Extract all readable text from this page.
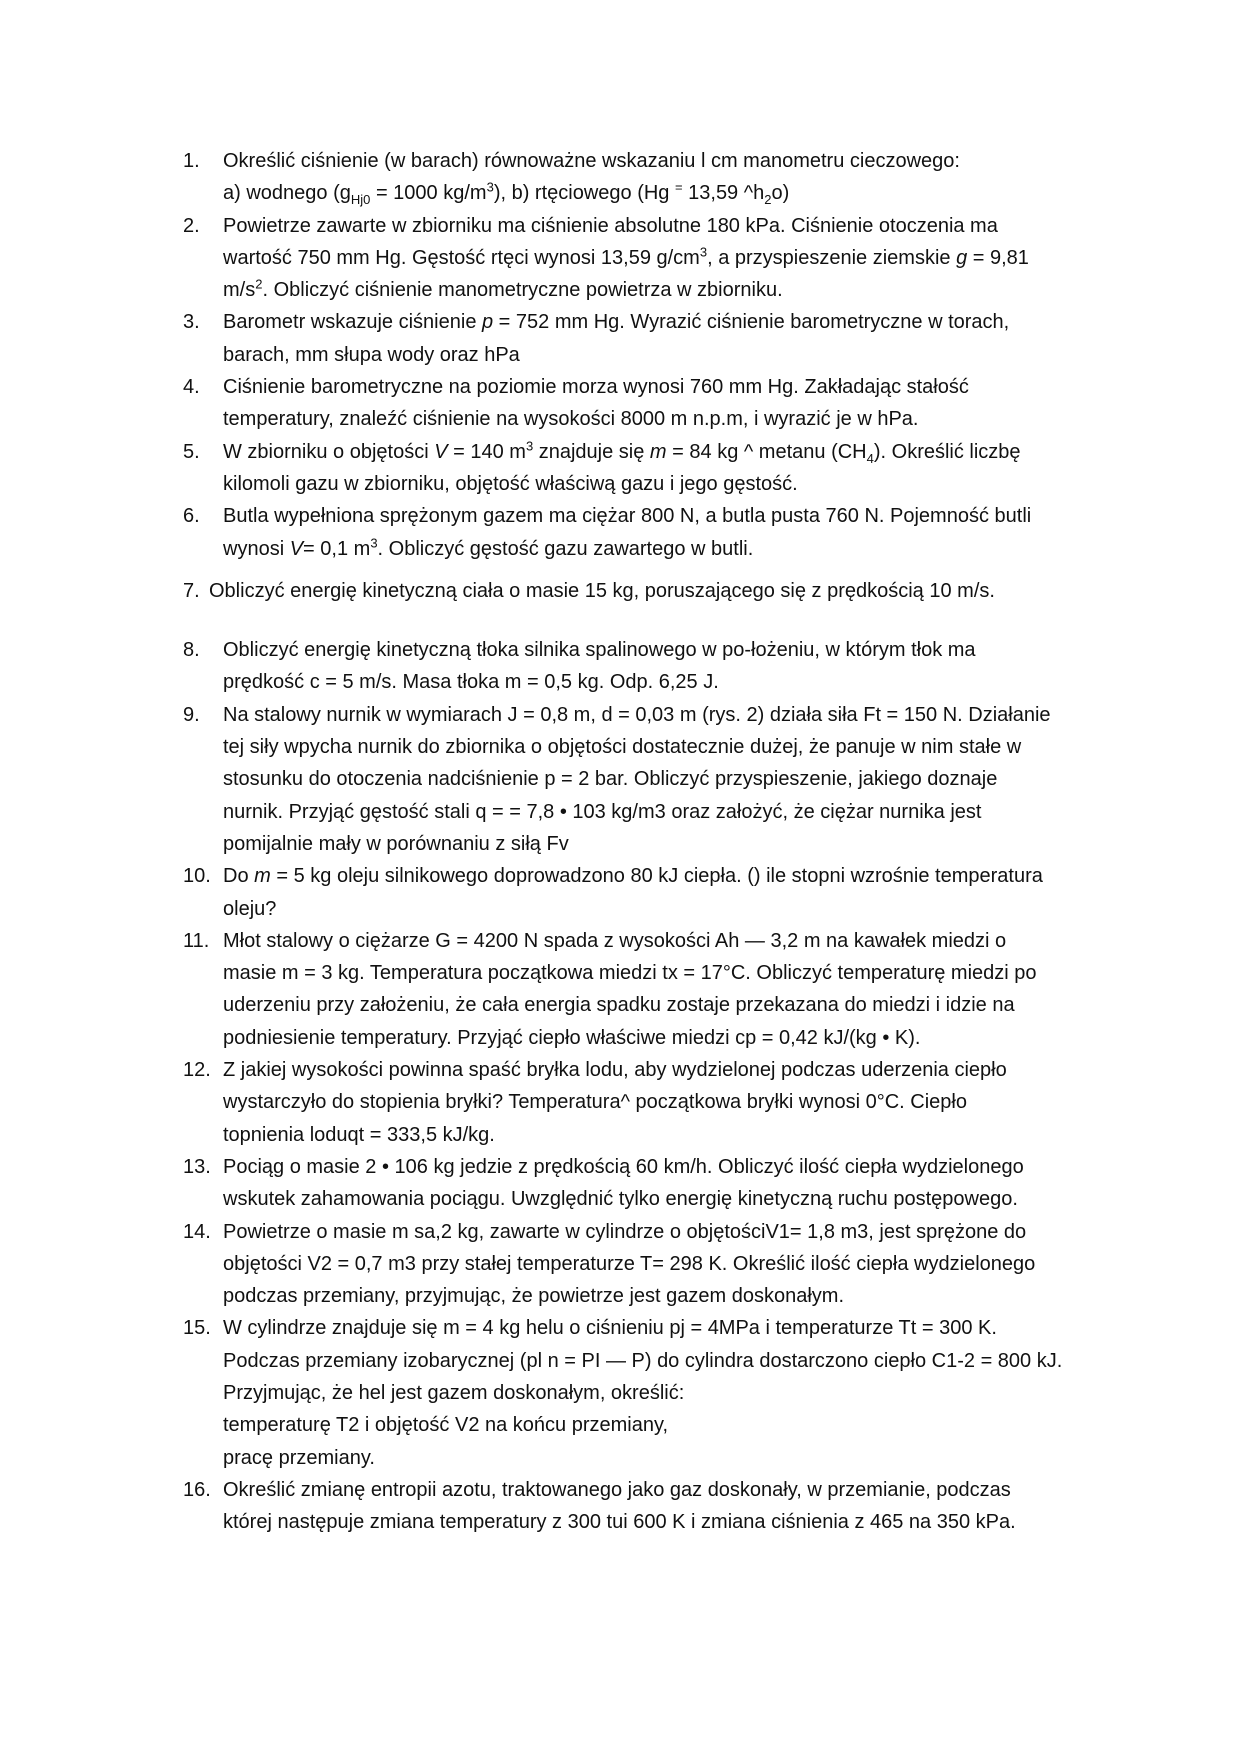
1.	Określić ciśnienie (w barach) równoważne wskazaniu l cm manometru cieczowego:
a) wodnego ($g_{Hj0} = 1000$ $kg/m^3$), b) rtęciowego (Hg = 13,59 $\^{}h_2o$)
2.	Powietrze zawarte w zbiorniku ma ciśnienie absolutne 180 kPa. Ciśnienie otoczenia ma
wartość 750 mm Hg. Gęstość rtęci wynosi 13,59 $g/cm^3$, a przyspieszenie ziemskie g = 9,81
$m/s^2$. Obliczyć ciśnienie manometryczne powietrza w zbiorniku.
3.	Barometr wskazuje ciśnienie p = 752 mm Hg. Wyrazić ciśnienie barometryczne w torach,
barach, mm słupa wody oraz hPa
4.	Ciśnienie barometryczne na poziomie morza wynosi 760 mm Hg. Zakładając stałość
temperatury, znaleźć ciśnienie na wysokości 8000 m n.p.m, i wyrazić je w hPa.
5.	W zbiorniku o objętości V = 140 $m^3$ znajduje się m = 84 kg ^ metanu $(CH_4)$. Określić liczbę
kilomoli gazu w zbiorniku, objętość właściwą gazu i jego gęstość.
6.	Butla wypełniona sprężonym gazem ma ciężar 800 N, a butla pusta 760 N. Pojemność butli
wynosi V= 0,1 $m^3$. Obliczyć gęstość gazu zawartego w butli.
7. Obliczyć energię kinetyczną ciała o masie 15 kg, poruszającego się z prędkością 10 m/s.
8.	Obliczyć energię kinetyczną tłoka silnika spalinowego w po-łożeniu, w którym tłok ma
prędkość c = 5 m/s. Masa tłoka m = 0,5 kg. Odp. 6,25 J.
9.	Na stalowy nurnik w wymiarach J = 0,8 m, d = 0,03 m (rys. 2) działa siła Ft = 150 N. Działanie
tej siły wpycha nurnik do zbiornika o objętości dostatecznie dużej, że panuje w nim stałe w
stosunku do otoczenia nadciśnienie p = 2 bar. Obliczyć przyspieszenie, jakiego doznaje
nurnik. Przyjąć gęstość stali q = = 7,8 • 103 kg/m3 oraz założyć, że ciężar nurnika jest
pomijalnie mały w porównaniu z siłą Fv
10. Do m = 5 kg oleju silnikowego doprowadzono 80 kJ ciepła. () ile stopni wzrośnie temperatura
oleju?
11. Młot stalowy o ciężarze G = 4200 N spada z wysokości Ah — 3,2 m na kawałek miedzi o
masie m = 3 kg. Temperatura początkowa miedzi tx = 17°C. Obliczyć temperaturę miedzi po
uderzeniu przy założeniu, że cała energia spadku zostaje przekazana do miedzi i idzie na
podniesienie temperatury. Przyjąć ciepło właściwe miedzi cp = 0,42 kJ/(kg • K).
12. Z jakiej wysokości powinna spaść bryłka lodu, aby wydzielonej podczas uderzenia ciepło
wystarczyło do stopienia bryłki? Temperatura^ początkowa bryłki wynosi 0°C. Ciepło
topnienia loduqt = 333,5 kJ/kg.
13. Pociąg o masie 2 • 106 kg jedzie z prędkością 60 km/h. Obliczyć ilość ciepła wydzielonego
wskutek zahamowania pociągu. Uwzględnić tylko energię kinetyczną ruchu postępowego.
14. Powietrze o masie m sa,2 kg, zawarte w cylindrze o objętościV1= 1,8 m3, jest sprężone do
objętości V2 = 0,7 m3 przy stałej temperaturze T= 298 K. Określić ilość ciepła wydzielonego
podczas przemiany, przyjmując, że powietrze jest gazem doskonałym.
15. W cylindrze znajduje się m = 4 kg helu o ciśnieniu pj = 4MPa i temperaturze Tt = 300 K.
Podczas przemiany izobarycznej (pl n = PI — P) do cylindra dostarczono ciepło C1-2 = 800 kJ.
Przyjmując, że hel jest gazem doskonałym, określić:
temperaturę T2 i objętość V2 na końcu przemiany,
pracę przemiany.
16. Określić zmianę entropii azotu, traktowanego jako gaz doskonały, w przemianie, podczas
której następuje zmiana temperatury z 300 tui 600 K i zmiana ciśnienia z 465 na 350 kPa.
